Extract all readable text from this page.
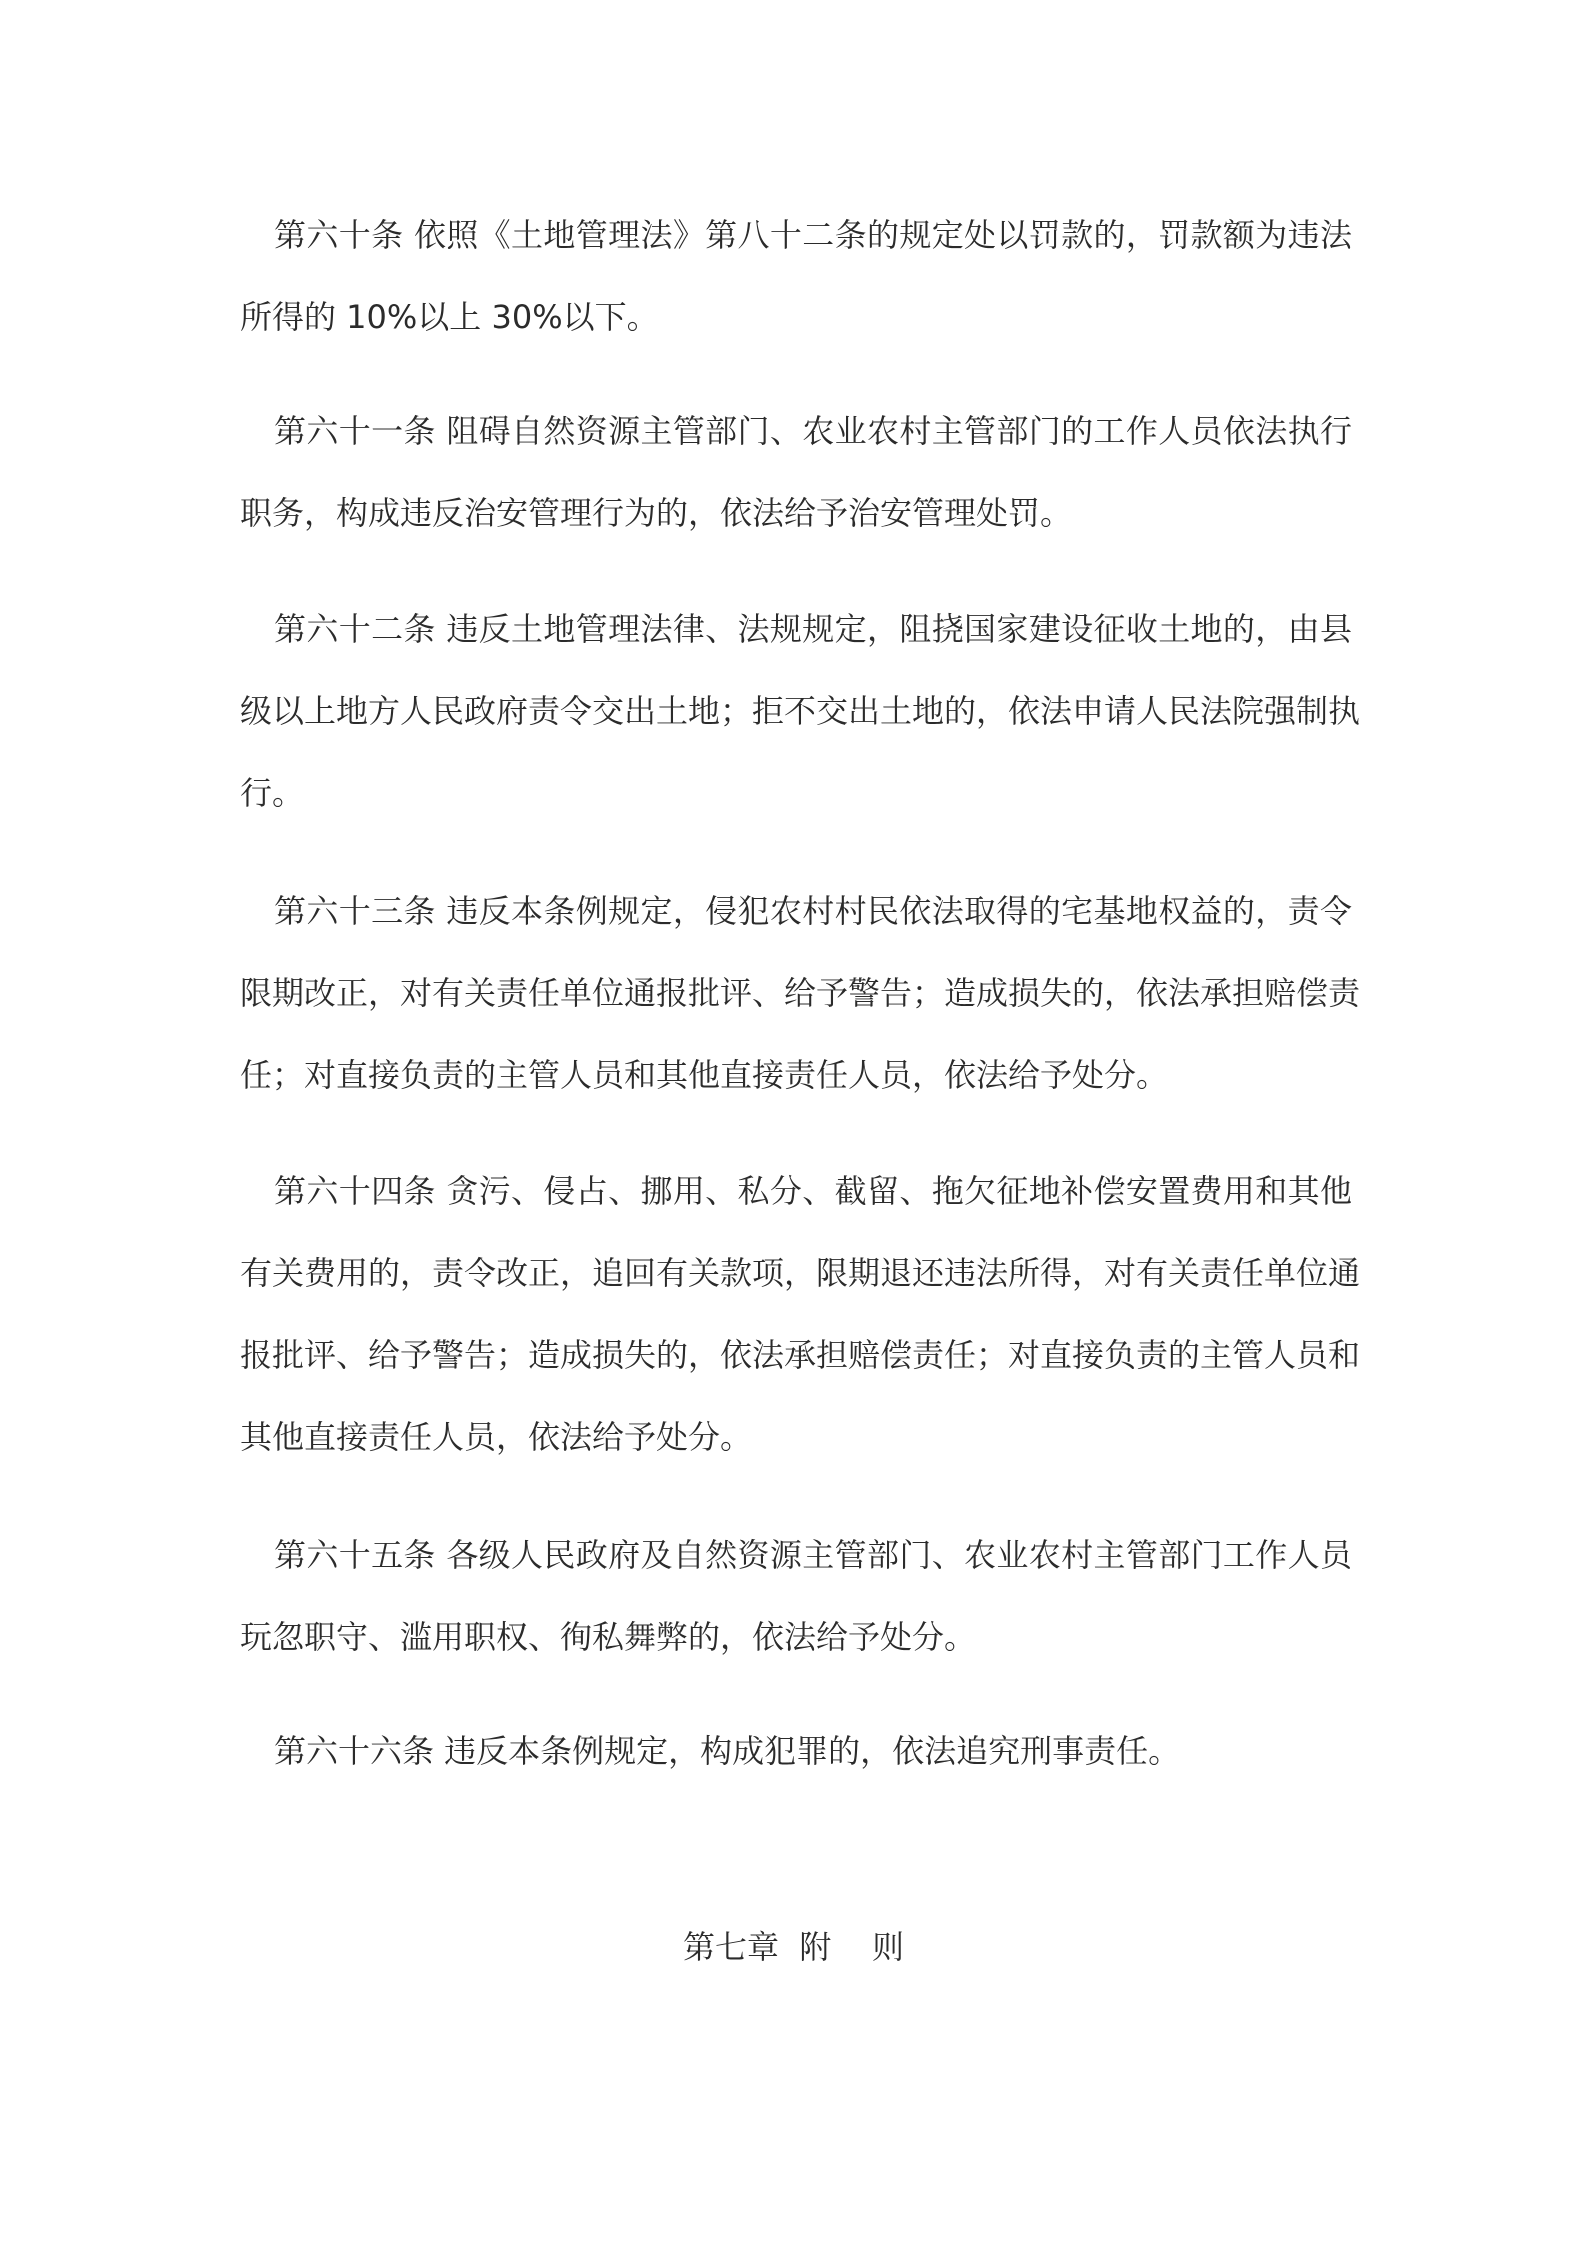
第六十条 依照《土地管理法》第八十二条的规定处以罚款的，罚款额为违法
所得的 10%以上 30%以下。
第六十一条 阻碍自然资源主管部门、农业农村主管部门的工作人员依法执行
职务，构成违反治安管理行为的，依法给予治安管理处罚。
第六十二条 违反土地管理法律、法规规定，阻挠国家建设征收土地的，由县
级以上地方人民政府责令交出土地；拒不交出土地的，依法申请人民法院强制执
行。
第六十三条 违反本条例规定，侵犯农村村民依法取得的宅基地权益的，责令
限期改正，对有关责任单位通报批评、给予警告；造成损失的，依法承担赔偿责
任；对直接负责的主管人员和其他直接责任人员，依法给予处分。
第六十四条 贪污、侵占、挪用、私分、截留、拖欠征地补偿安置费用和其他
有关费用的，责令改正，追回有关款项，限期退还违法所得，对有关责任单位通
报批评、给予警告；造成损失的，依法承担赔偿责任；对直接负责的主管人员和
其他直接责任人员，依法给予处分。
第六十五条 各级人民政府及自然资源主管部门、农业农村主管部门工作人员
玩忽职守、滥用职权、徇私舞弊的，依法给予处分。
第六十六条 违反本条例规定，构成犯罪的，依法追究刑事责任。
第七章  附    则
